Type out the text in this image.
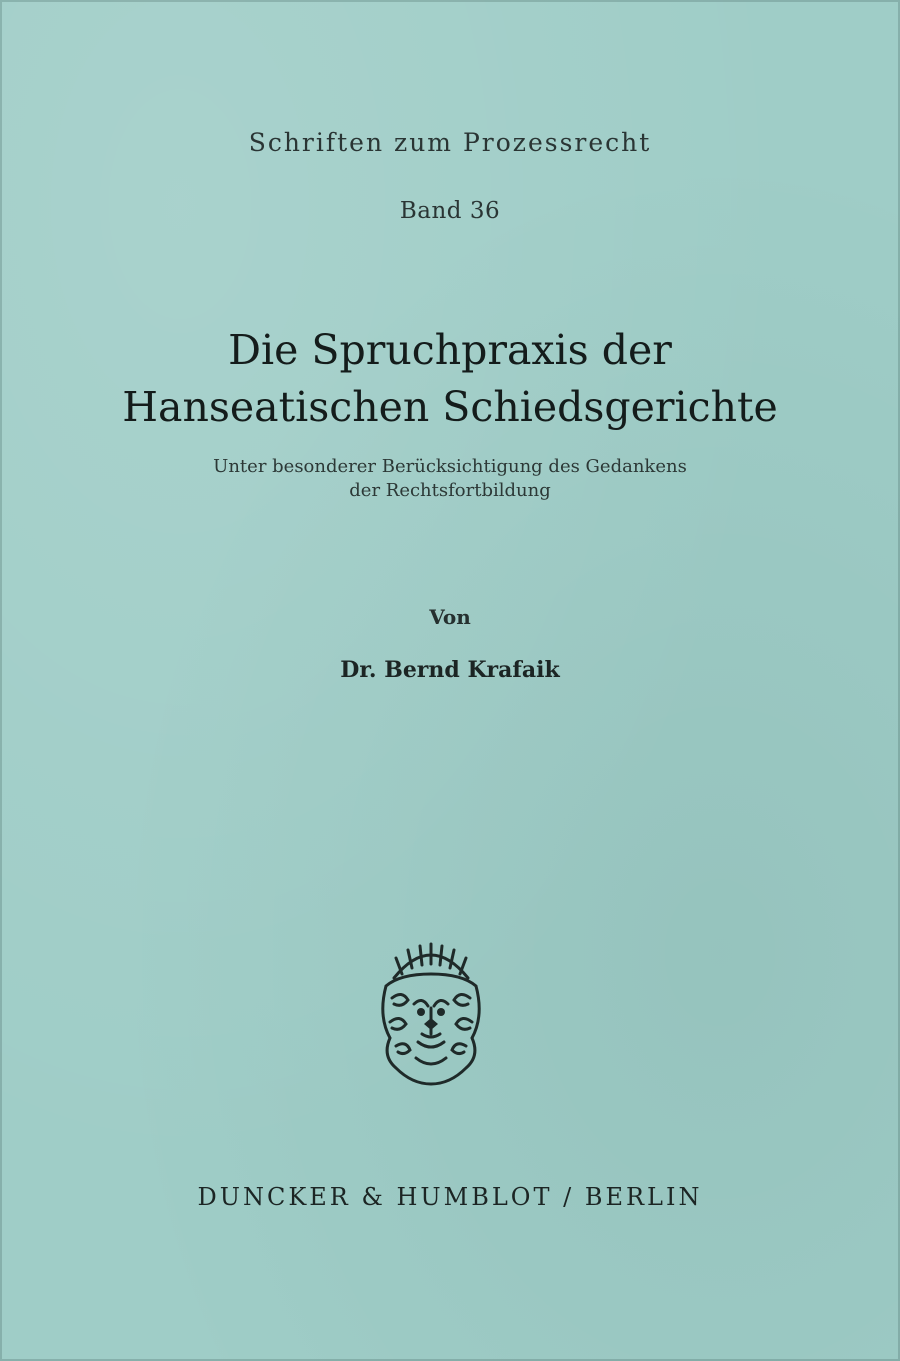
Schriften zum Prozessrecht
Band 36
Die Spruchpraxis der
Hanseatischen Schiedsgerichte
Unter besonderer Berücksichtigung des Gedankens
der Rechtsfortbildung
Von
Dr. Bernd Krafaik
DUNCKER & HUMBLOT / BERLIN
